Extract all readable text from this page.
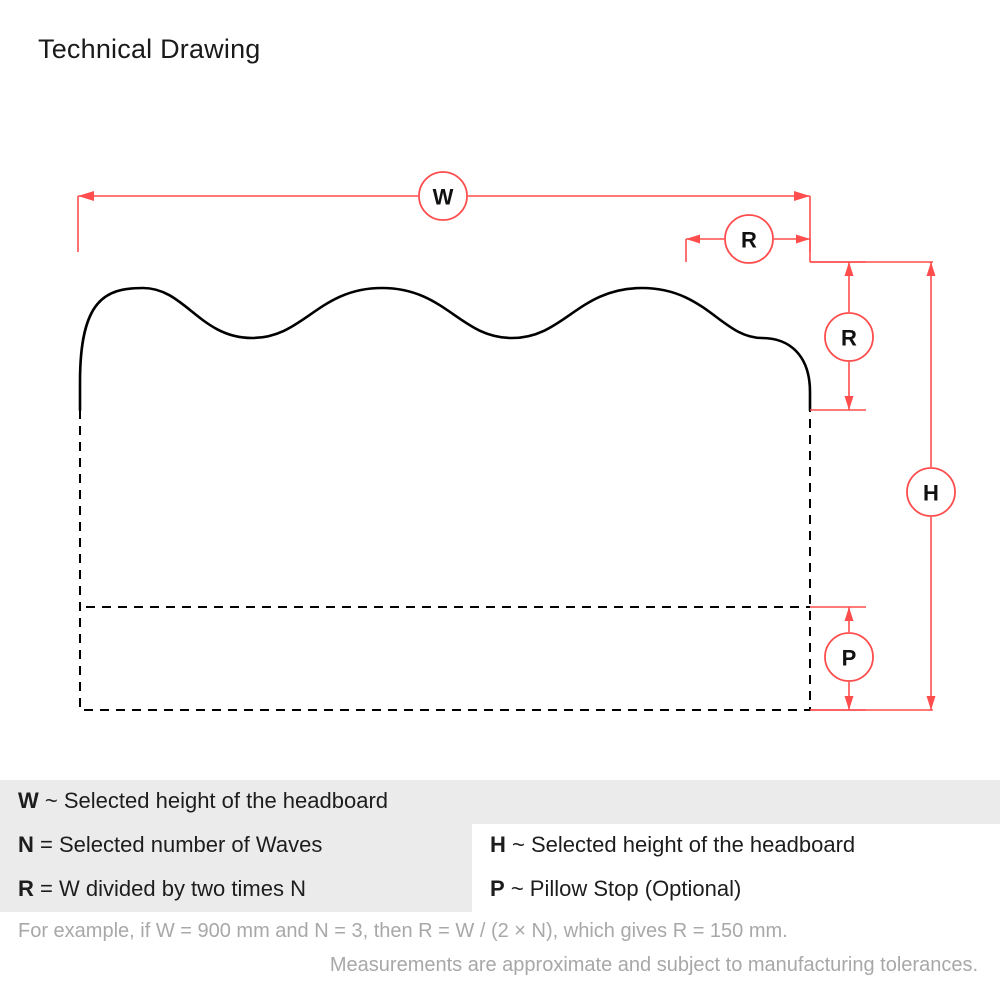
Technical Drawing
W
R
R
H
P
W ~ Selected height of the headboard
N = Selected number of Waves	H ~ Selected height of the headboard
R = W divided by two times N	P ~ Pillow Stop (Optional)
For example, if W = 900 mm and N = 3, then R = W / (2 × N), which gives R = 150 mm.
Measurements are approximate and subject to manufacturing tolerances.
